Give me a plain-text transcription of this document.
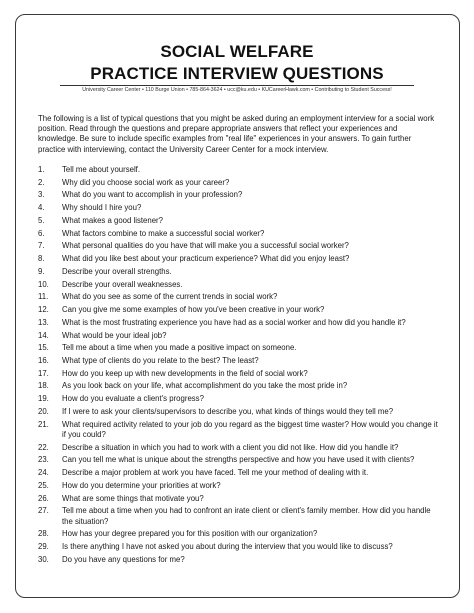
SOCIAL WELFARE
PRACTICE INTERVIEW QUESTIONS
University Career Center • 110 Burge Union • 785-864-3624 • ucc@ku.edu • KUCareerHawk.com • Contributing to Student Success!

The following is a list of typical questions that you might be asked during an employment interview for a social work position. Read through the questions and prepare appropriate answers that reflect your experiences and knowledge. Be sure to include specific examples from "real life" experiences in your answers. To gain further practice with interviewing, contact the University Career Center for a mock interview.

1.	Tell me about yourself.
2.	Why did you choose social work as your career?
3.	What do you want to accomplish in your profession?
4.	Why should I hire you?
5.	What makes a good listener?
6.	What factors combine to make a successful social worker?
7.	What personal qualities do you have that will make you a successful social worker?
8.	What did you like best about your practicum experience? What did you enjoy least?
9.	Describe your overall strengths.
10.	Describe your overall weaknesses.
11.	What do you see as some of the current trends in social work?
12.	Can you give me some examples of how you've been creative in your work?
13.	What is the most frustrating experience you have had as a social worker and how did you handle it?
14.	What would be your ideal job?
15.	Tell me about a time when you made a positive impact on someone.
16.	What type of clients do you relate to the best? The least?
17.	How do you keep up with new developments in the field of social work?
18.	As you look back on your life, what accomplishment do you take the most pride in?
19.	How do you evaluate a client's progress?
20.	If I were to ask your clients/supervisors to describe you, what kinds of things would they tell me?
21.	What required activity related to your job do you regard as the biggest time waster? How would you change it if you could?
22.	Describe a situation in which you had to work with a client you did not like. How did you handle it?
23.	Can you tell me what is unique about the strengths perspective and how you have used it with clients?
24.	Describe a major problem at work you have faced. Tell me your method of dealing with it.
25.	How do you determine your priorities at work?
26.	What are some things that motivate you?
27.	Tell me about a time when you had to confront an irate client or client's family member. How did you handle the situation?
28.	How has your degree prepared you for this position with our organization?
29.	Is there anything I have not asked you about during the interview that you would like to discuss?
30.	Do you have any questions for me?
